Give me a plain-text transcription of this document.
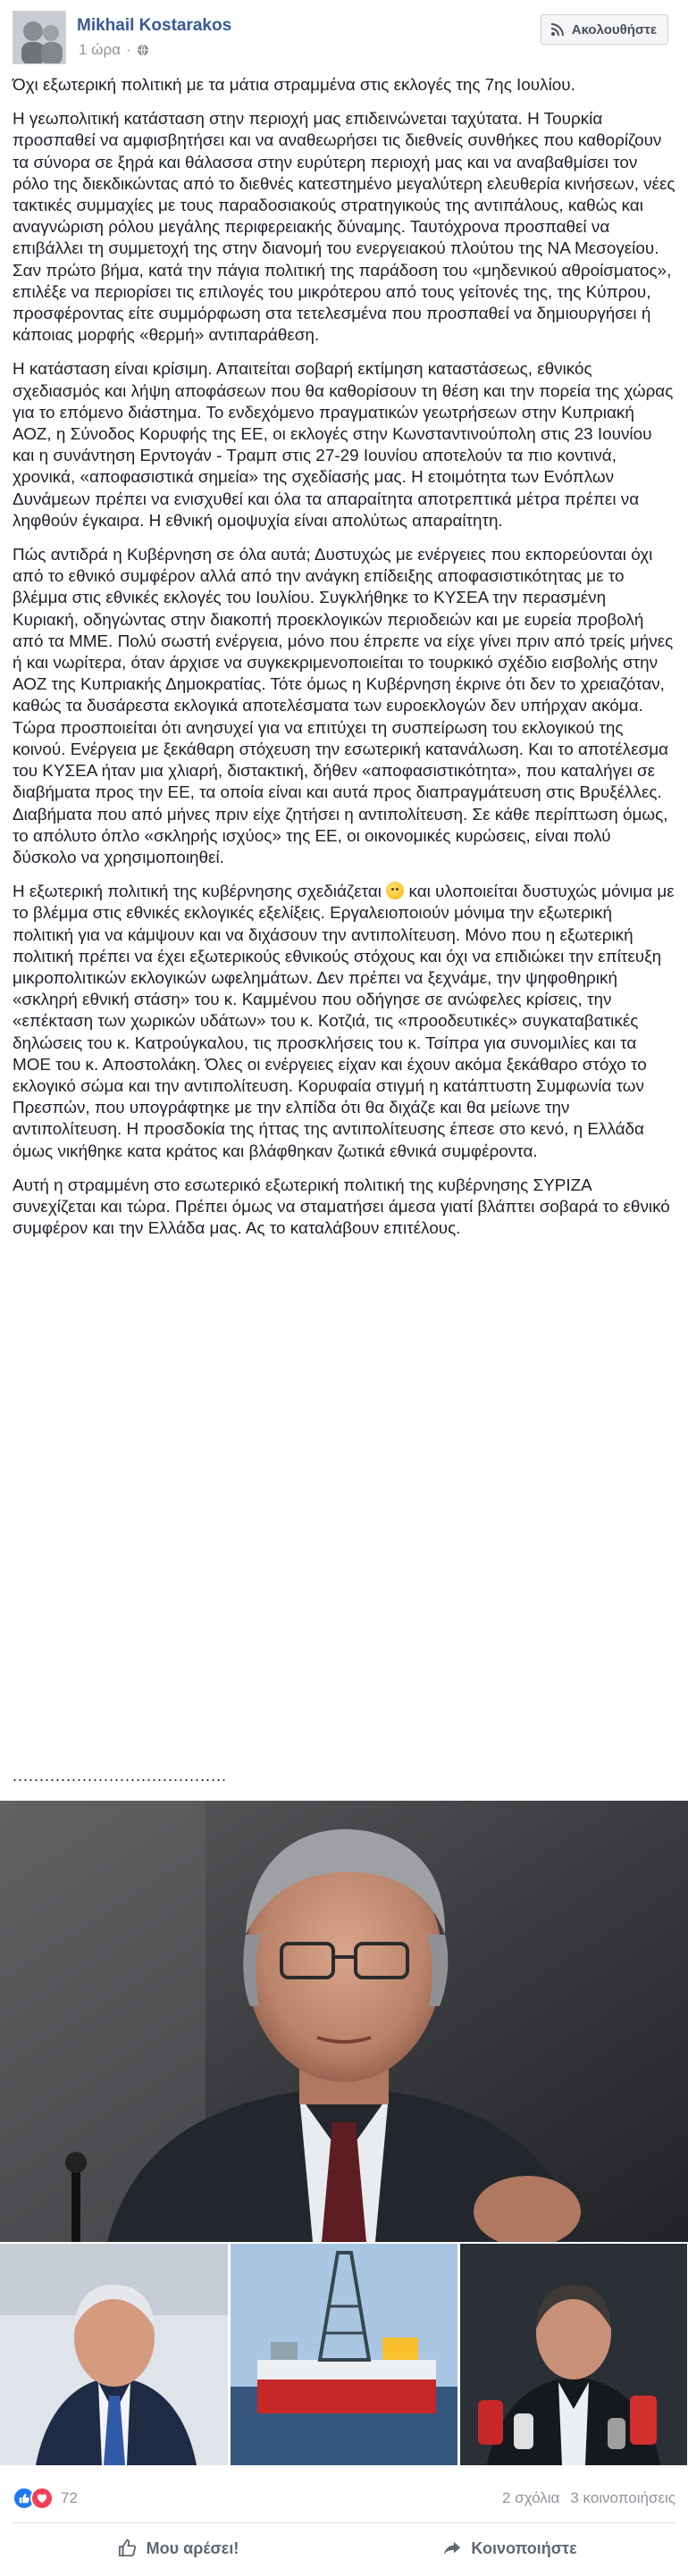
Mikhail Kostarakos
1 ώρα ·
Ακολουθήστε

Όχι εξωτερική πολιτική με τα μάτια στραμμένα στις εκλογές της 7ης Ιουλίου.

Η γεωπολιτική κατάσταση στην περιοχή μας επιδεινώνεται ταχύτατα. Η Τουρκία προσπαθεί να αμφισβητήσει και να αναθεωρήσει τις διεθνείς συνθήκες που καθορίζουν τα σύνορα σε ξηρά και θάλασσα στην ευρύτερη περιοχή μας και να αναβαθμίσει τον ρόλο της διεκδικώντας από το διεθνές κατεστημένο μεγαλύτερη ελευθερία κινήσεων, νέες τακτικές συμμαχίες με τους παραδοσιακούς στρατηγικούς της αντιπάλους, καθώς και αναγνώριση ρόλου μεγάλης περιφερειακής δύναμης. Ταυτόχρονα προσπαθεί να επιβάλλει τη συμμετοχή της στην διανομή του ενεργειακού πλούτου της ΝΑ Μεσογείου. Σαν πρώτο βήμα, κατά την πάγια πολιτική της παράδοση του «μηδενικού αθροίσματος», επιλέξε να περιορίσει τις επιλογές του μικρότερου από τους γείτονές της, της Κύπρου, προσφέροντας είτε συμμόρφωση στα τετελεσμένα που προσπαθεί να δημιουργήσει ή κάποιας μορφής «θερμή» αντιπαράθεση.

Η κατάσταση είναι κρίσιμη. Απαιτείται σοβαρή εκτίμηση καταστάσεως, εθνικός σχεδιασμός και λήψη αποφάσεων που θα καθορίσουν τη θέση και την πορεία της χώρας για το επόμενο διάστημα. Το ενδεχόμενο πραγματικών γεωτρήσεων στην Κυπριακή ΑΟΖ, η Σύνοδος Κορυφής της ΕΕ, οι εκλογές στην Κωνσταντινούπολη στις 23 Ιουνίου και η συνάντηση Ερντογάν - Τραμπ στις 27-29 Ιουνίου αποτελούν τα πιο κοντινά, χρονικά, «αποφασιστικά σημεία» της σχεδίασής μας. Η ετοιμότητα των Ενόπλων Δυνάμεων πρέπει να ενισχυθεί και όλα τα απαραίτητα αποτρεπτικά μέτρα πρέπει να ληφθούν έγκαιρα. Η εθνική ομοψυχία είναι απολύτως απαραίτητη.

Πώς αντιδρά η Κυβέρνηση σε όλα αυτά; Δυστυχώς με ενέργειες που εκπορεύονται όχι από το εθνικό συμφέρον αλλά από την ανάγκη επίδειξης αποφασιστικότητας με το βλέμμα στις εθνικές εκλογές του Ιουλίου. Συγκλήθηκε το ΚΥΣΕΑ την περασμένη Κυριακή, οδηγώντας στην διακοπή προεκλογικών περιοδειών και με ευρεία προβολή από τα ΜΜΕ. Πολύ σωστή ενέργεια, μόνο που έπρεπε να είχε γίνει πριν από τρείς μήνες ή και νωρίτερα, όταν άρχισε να συγκεκριμενοποιείται το τουρκικό σχέδιο εισβολής στην ΑΟΖ της Κυπριακής Δημοκρατίας. Τότε όμως η Κυβέρνηση έκρινε ότι δεν το χρειαζόταν, καθώς τα δυσάρεστα εκλογικά αποτελέσματα των ευροεκλογών δεν υπήρχαν ακόμα. Τώρα προσποιείται ότι ανησυχεί για να επιτύχει τη συσπείρωση του εκλογικού της κοινού. Ενέργεια με ξεκάθαρη στόχευση την εσωτερική κατανάλωση. Και το αποτέλεσμα του ΚΥΣΕΑ ήταν μια χλιαρή, διστακτική, δήθεν «αποφασιστικότητα», που καταλήγει σε διαβήματα προς την ΕΕ, τα οποία είναι και αυτά προς διαπραγμάτευση στις Βρυξέλλες. Διαβήματα που από μήνες πριν είχε ζητήσει η αντιπολίτευση. Σε κάθε περίπτωση όμως, το απόλυτο όπλο «σκληρής ισχύος» της ΕΕ, οι οικονομικές κυρώσεις, είναι πολύ δύσκολο να χρησιμοποιηθεί.

Η εξωτερική πολιτική της κυβέρνησης σχεδιάζεται και υλοποιείται δυστυχώς μόνιμα με το βλέμμα στις εθνικές εκλογικές εξελίξεις. Εργαλειοποιούν μόνιμα την εξωτερική πολιτική για να κάμψουν και να διχάσουν την αντιπολίτευση. Μόνο που η εξωτερική πολιτική πρέπει να έχει εξωτερικούς εθνικούς στόχους και όχι να επιδιώκει την επίτευξη μικροπολιτικών εκλογικών ωφελημάτων. Δεν πρέπει να ξεχνάμε, την ψηφοθηρική «σκληρή εθνική στάση» του κ. Καμμένου που οδήγησε σε ανώφελες κρίσεις, την «επέκταση των χωρικών υδάτων» του κ. Κοτζιά, τις «προοδευτικές» συγκαταβατικές δηλώσεις του κ. Κατρούγκαλου, τις προσκλήσεις του κ. Τσίπρα για συνομιλίες και τα ΜΟΕ του κ. Αποστολάκη. Όλες οι ενέργειες είχαν και έχουν ακόμα ξεκάθαρο στόχο το εκλογικό σώμα και την αντιπολίτευση. Κορυφαία στιγμή η κατάπτυστη Συμφωνία των Πρεσπών, που υπογράφτηκε με την ελπίδα ότι θα διχάζε και θα μείωνε την αντιπολίτευση. Η προσδοκία της ήττας της αντιπολίτευσης έπεσε στο κενό, η Ελλάδα όμως νικήθηκε κατα κράτος και βλάφθηκαν ζωτικά εθνικά συμφέροντα.

Αυτή η στραμμένη στο εσωτερικό εξωτερική πολιτική της κυβέρνησης ΣΥΡΙΖΑ συνεχίζεται και τώρα. Πρέπει όμως να σταματήσει άμεσα γιατί βλάπτει σοβαρά το εθνικό συμφέρον και την Ελλάδα μας. Ας το καταλάβουν επιτέλους.

........................................
72	2 σχόλια 3 κοινοποιήσεις
Μου αρέσει!	Κοινοποιήστε
